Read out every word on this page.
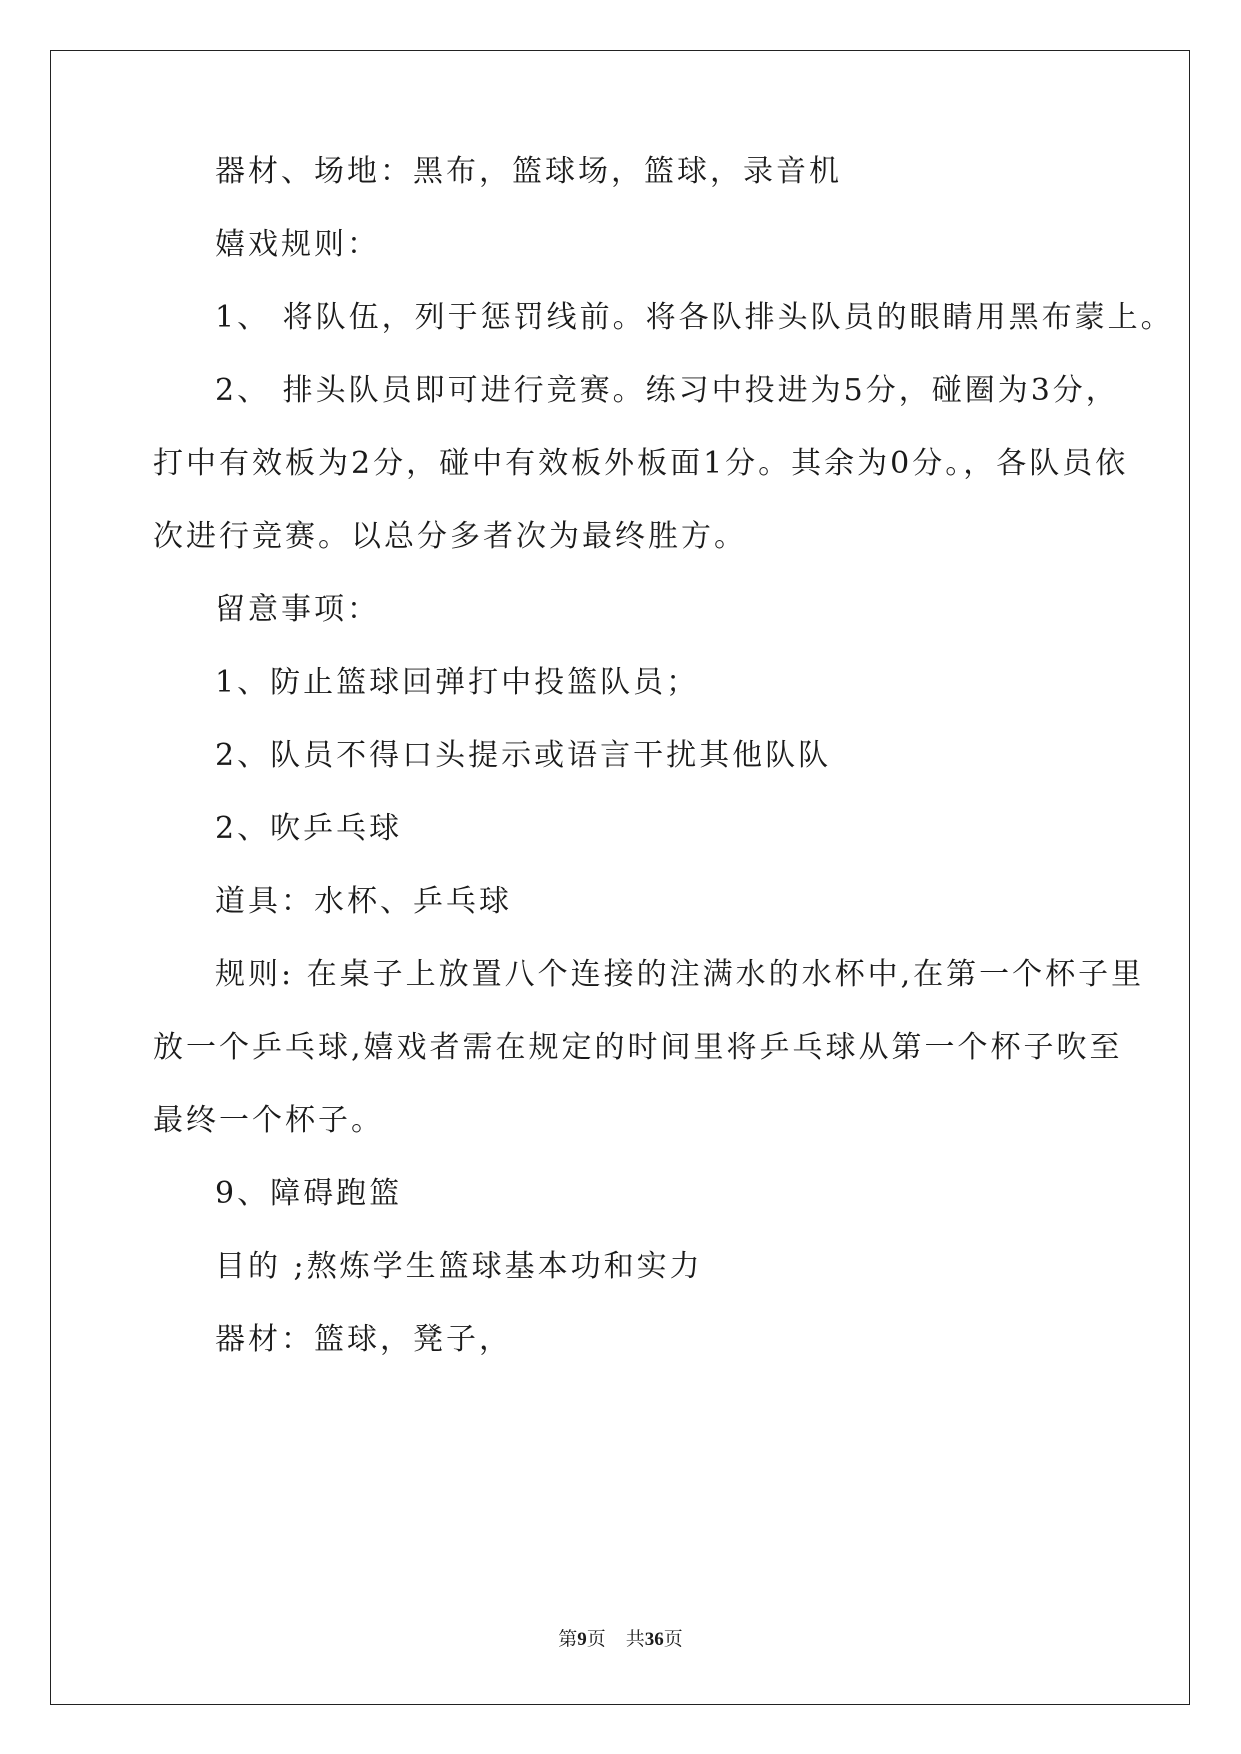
器材、场地：黑布，篮球场，篮球，录音机
嬉戏规则：
1、 将队伍，列于惩罚线前。将各队排头队员的眼睛用黑布蒙上。
2、 排头队员即可进行竞赛。练习中投进为5分，碰圈为3分，
打中有效板为2分，碰中有效板外板面1分。其余为0分。，各队员依
次进行竞赛。以总分多者次为最终胜方。
留意事项：
1、防止篮球回弹打中投篮队员；
2、队员不得口头提示或语言干扰其他队队
2、吹乒乓球
道具：水杯、乒乓球
规则: 在桌子上放置八个连接的注满水的水杯中,在第一个杯子里
放一个乒乓球,嬉戏者需在规定的时间里将乒乓球从第一个杯子吹至
最终一个杯子。
9、障碍跑篮
目的 ;熬炼学生篮球基本功和实力
器材：篮球，凳子，
第9页 共36页
